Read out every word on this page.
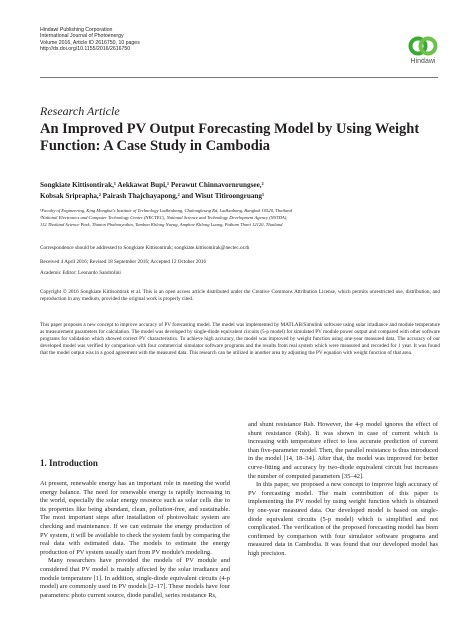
Hindawi Publishing Corporation
International Journal of Photoenergy
Volume 2016, Article ID 2616750, 10 pages
http://dx.doi.org/10.1155/2016/2616750
Hindawi
Research Article
An Improved PV Output Forecasting Model by Using Weight Function: A Case Study in Cambodia
Songkiate Kittisontirak,¹ Aekkawat Bupi,¹ Perawut Chinnavornrungsee,²
Kobsak Sriprapha,² Pairash Thajchayapong,² and Wisut Titiroongruang¹
¹Faculty of Engineering, King Mongkut's Institute of Technology Ladkrabang, Chalongkrung Rd, Ladkrabang, Bangkok 10520, Thailand
²National Electronics and Computer Technology Center (NECTEC), National Science and Technology Development Agency (NSTDA),
112 Thailand Science Park, Thanon Phahonyothin, Tambon Khlong Nueng, Amphoe Khlong Luang, Pathum Thani 12120, Thailand
Correspondence should be addressed to Songkiate Kittisontirak; songkiate.kittisontirak@nectec.or.th
Received 4 April 2016; Revised 18 September 2016; Accepted 12 October 2016
Academic Editor: Leonardo Sandrolini
Copyright © 2016 Songkiate Kittisontirak et al. This is an open access article distributed under the Creative Commons Attribution License, which permits unrestricted use, distribution, and reproduction in any medium, provided the original work is properly cited.
This paper proposes a new concept to improve accuracy of PV forecasting model. The model was implemented by MATLAB/Simulink software using solar irradiance and module temperature as measurement parameters for calculation. The model was developed by single-diode equivalent circuits (5-p model) for simulated PV module power output and compared with other software programs for validation which showed correct PV characteristics. To achieve high accuracy, the model was improved by weight function using one-year measured data. The accuracy of our developed model was verified by comparison with four commercial simulator software programs and the results from real system which were measured and recorded for 1 year. It was found that the model output was in a good agreement with the measured data. This research can be utilized in another area by adjusting the PV equation with weight function of that area.
1. Introduction

At present, renewable energy has an important role in meeting the world energy balance. The need for renewable energy is rapidly increasing in the world, especially the solar energy resource such as solar cells due to its properties like being abundant, clean, pollution-free, and sustainable. The most important steps after installation of photovoltaic system are checking and maintenance. If we can estimate the energy production of PV system, it will be available to check the system fault by comparing the real data with estimated data. The models to estimate the energy production of PV system usually start from PV module's modeling.

Many researchers have provided the models of PV module and considered that PV model is mainly affected by the solar irradiance and module temperature [1]. In addition, single-diode equivalent circuits (4-p model) are commonly used in PV models [2–17]. These models have four parameters: photo current source, diode parallel, series resistance Rs,

and shunt resistance Rsh. However, the 4-p model ignores the effect of shunt resistance (Rsh). It was shown in case of current which is increasing with temperature effect to less accurate prediction of current than five-parameter model. Then, the parallel resistance is thus introduced in the model [14, 18–34]. After that, the model was improved for better curve-fitting and accuracy by two-diode equivalent circuit but increases the number of computed parameters [35–42].

In this paper, we proposed a new concept to improve high accuracy of PV forecasting model. The main contribution of this paper is implementing the PV model by using weight function which is obtained by one-year measured data. Our developed model is based on single-diode equivalent circuits (5-p model) which is simplified and not complicated. The verification of the proposed forecasting model has been confirmed by comparison with four simulator software programs and measured data in Cambodia. It was found that our developed model has high precision.
